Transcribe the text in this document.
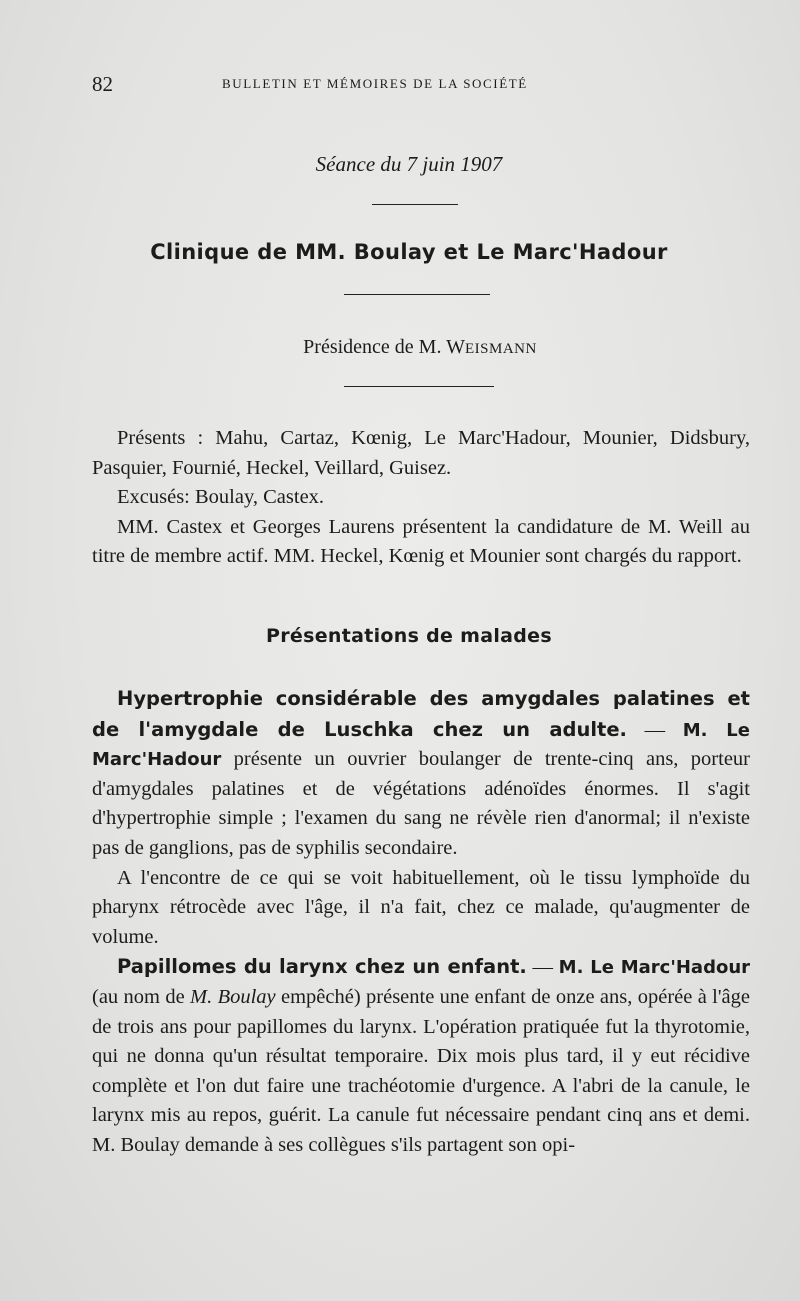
82	BULLETIN ET MÉMOIRES DE LA SOCIÉTÉ
Séance du 7 juin 1907
Clinique de MM. Boulay et Le Marc'Hadour
Présidence de M. WEISMANN

Présents : Mahu, Cartaz, Kœnig, Le Marc'Hadour, Mounier, Didsbury, Pasquier, Fournié, Heckel, Veillard, Guisez.

Excusés: Boulay, Castex.

MM. Castex et Georges Laurens présentent la candidature de M. Weill au titre de membre actif. MM. Heckel, Kœnig et Mounier sont chargés du rapport.

Présentations de malades

Hypertrophie considérable des amygdales palatines et de l'amygdale de Luschka chez un adulte. — M. Le Marc'Hadour présente un ouvrier boulanger de trente-cinq ans, porteur d'amygdales palatines et de végétations adénoïdes énormes. Il s'agit d'hypertrophie simple ; l'examen du sang ne révèle rien d'anormal; il n'existe pas de ganglions, pas de syphilis secondaire.

A l'encontre de ce qui se voit habituellement, où le tissu lymphoïde du pharynx rétrocède avec l'âge, il n'a fait, chez ce malade, qu'augmenter de volume.

Papillomes du larynx chez un enfant. — M. Le Marc'Hadour (au nom de M. Boulay empêché) présente une enfant de onze ans, opérée à l'âge de trois ans pour papillomes du larynx. L'opération pratiquée fut la thyrotomie, qui ne donna qu'un résultat temporaire. Dix mois plus tard, il y eut récidive complète et l'on dut faire une trachéotomie d'urgence. A l'abri de la canule, le larynx mis au repos, guérit. La canule fut nécessaire pendant cinq ans et demi. M. Boulay demande à ses collègues s'ils partagent son opi-
